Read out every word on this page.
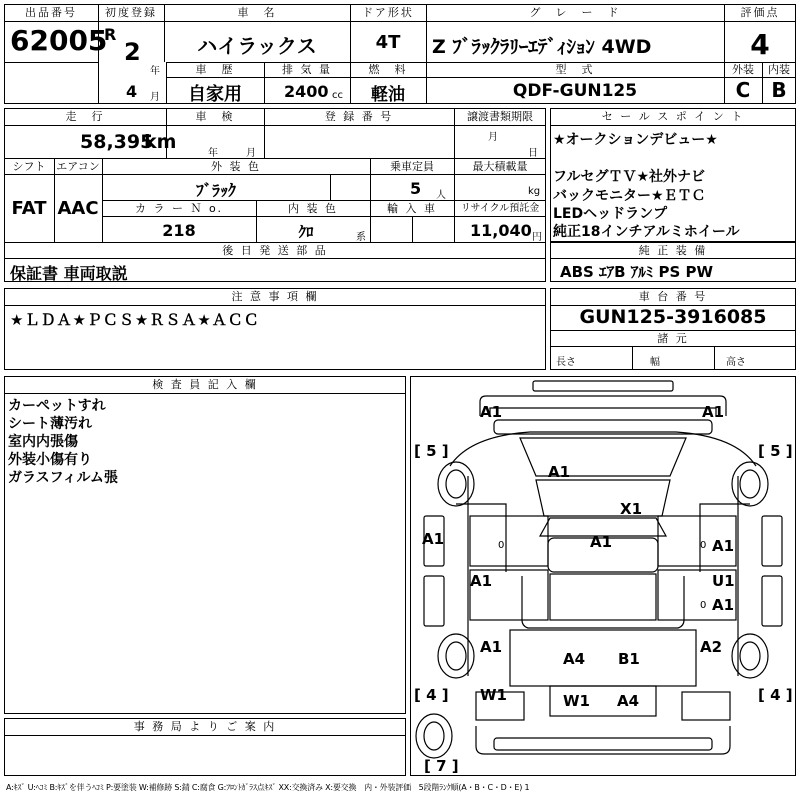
出品番号
62005
初度登録
R
2
年
4 月
車　名
ハイラックス
車　歴
自家用
排 気 量
2400 cc
ドア形状
4T
燃　料
軽油
グ　レ　ー　ド
Z ﾌﾞﾗｯｸﾗﾘｰｴﾃﾞｨｼｮﾝ 4WD
型　式
QDF-GUN125
評価点
4
外装	内装
C	B
走　行
58,395
km
車　検
年	月
登 録 番 号	譲渡書類期限
月
日
シフト
FAT
エアコン
AAC
外 装 色
ﾌﾞﾗｯｸ
乗車定員
5 人
最大積載量
kg
カ ラ ー Ｎ o.
218
内 装 色
ｸﾛ	系
輸 入 車	リサイクル預託金
11,040 円
後 日 発 送 部 品
保証書 車両取説
セ ー ル ス ポ イ ン ト
★オークションデビュー★
フルセグＴＶ★社外ナビ
バックモニター★ＥＴＣ
LEDヘッドランプ
純正18インチアルミホイール
純 正 装 備
ABS ｴｱB ｱﾙﾐ PS PW
注 意 事 項 欄
★ＬＤＡ★ＰＣＳ★ＲＳＡ★ＡＣＣ
車 台 番 号
GUN125-3916085
諸 元
長さ	幅	高さ
検 査 員 記 入 欄
カーペットすれ
シート薄汚れ
室内内張傷
外装小傷有り
ガラスフィルム張
事 務 局 よ り ご 案 内
A1	A1
A1
X1
A1	A1	A1
A1	U1
A1
A1	A2
A4 B1
W1	W1 A4
0	0
0
[ 5 ]	[ 5 ]
[ 4 ]	[ 4 ]
[ 7 ]
A:ｷｽﾞ U:ﾍｺﾐ B:ｷｽﾞを伴うﾍｺﾐ P:要塗装 W:補修跡 S:錆 C:腐食 G:ﾌﾛﾝﾄｶﾞﾗｽ点ｷｽﾞ XX:交換済み X:要交換　内・外装評価　5段階ﾗﾝｸ順(A・B・C・D・E) 1
